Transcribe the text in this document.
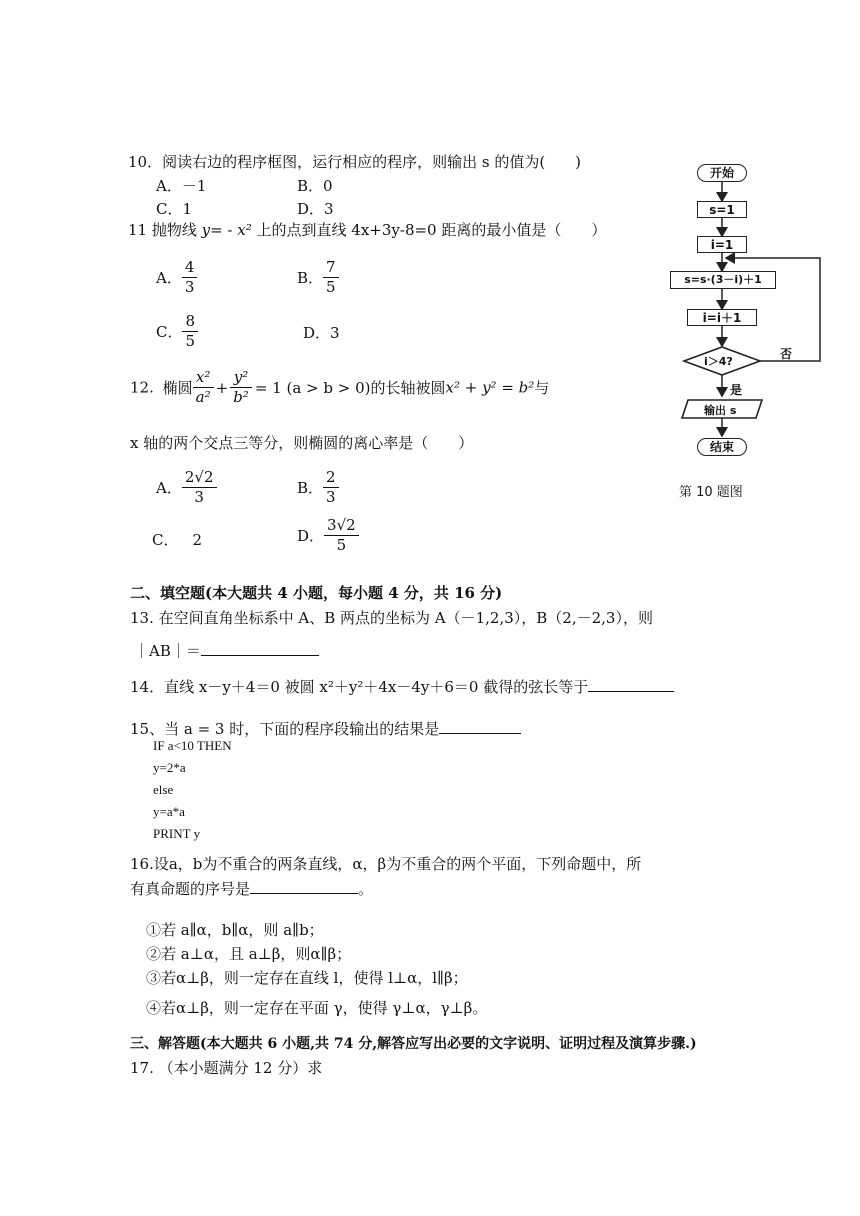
10．阅读右边的程序框图，运行相应的程序，则输出 s 的值为(　　)
A．－1	B．0
C．1	D．3
11 抛物线 y= - x² 上的点到直线 4x+3y-8=0 距离的最小值是（　　）
A． $\frac{4}{3}$	B． $\frac{7}{5}$
C． $\frac{8}{5}$	D．3
12. 椭圆 $\frac{\text{x²}}{\text{a²}} + \frac{\text{y²}}{\text{b²}} = 1$ (a > b > 0)的长轴被圆x² + y² = b²与
x 轴的两个交点三等分，则椭圆的离心率是（　　）
A． $\frac{2√2}{3}$	B． $\frac{2}{3}$
C． 2	D． $\frac{3√2}{5}$
二、填空题(本大题共 4 小题，每小题 4 分，共 16 分)
13. 在空间直角坐标系中 A、B 两点的坐标为 A（－1,2,3），B（2,－2,3），则
｜AB｜＝
14．直线 x－y＋4＝0 被圆 x²＋y²＋4x－4y＋6＝0 截得的弦长等于
15、当 a = 3 时，下面的程序段输出的结果是
IF a<10 THEN
y=2*a
else
y=a*a
PRINT y
16.设a，b为不重合的两条直线，α，β为不重合的两个平面，下列命题中，所
有真命题的序号是	。
①若 a∥α，b∥α，则 a∥b；
②若 a⊥α，且 a⊥β，则α∥β；
③若α⊥β，则一定存在直线 l，使得 l⊥α，l∥β；
④若α⊥β，则一定存在平面 γ，使得 γ⊥α，γ⊥β。
三、解答题(本大题共 6 小题,共 74 分,解答应写出必要的文字说明、证明过程及演算步骤.)
17. （本小题满分 12 分）求
开始
s=1
i=1
s=s·(3－i)＋1
i=i＋1
i＞4?
否
是
输出 s
结束
第 10 题图
